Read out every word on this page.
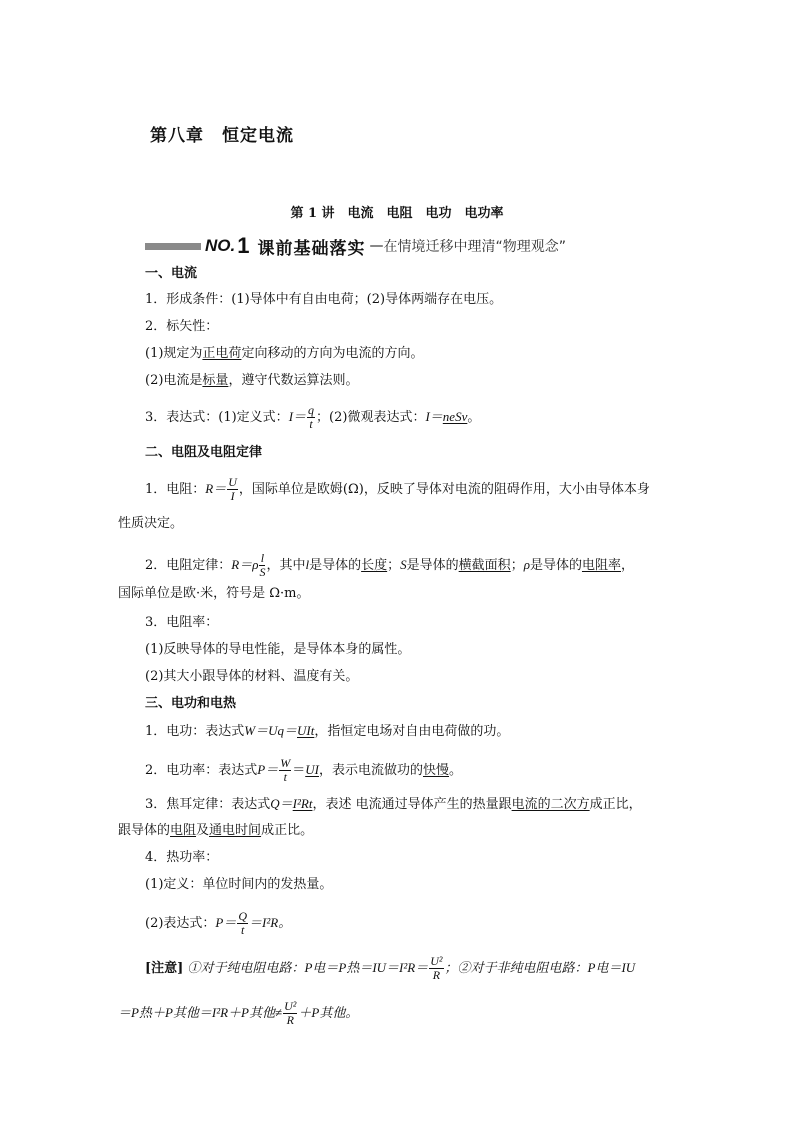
第八章　恒定电流
第 1 讲　电流　电阻　电功　电功率
NO. 1 课前基础落实 — 在情境迁移中理清“物理观念”
一、电流
1．形成条件：(1)导体中有自由电荷；(2)导体两端存在电压。
2．标矢性：
(1)规定为正电荷定向移动的方向为电流的方向。
(2)电流是标量，遵守代数运算法则。
3．表达式：(1)定义式：$I= \frac{q}{t}$ ；(2)微观表达式：I＝neSv。
二、电阻及电阻定律
1．电阻：$R= \frac{U}{I}$ ，国际单位是欧姆(Ω)，反映了导体对电流的阻碍作用，大小由导体本身
性质决定。
2．电阻定律：$R=\rho \frac{l}{S}$ ，其中l是导体的长度；S是导体的横截面积；ρ是导体的电阻率，
国际单位是欧·米，符号是 Ω·m。
3．电阻率：
(1)反映导体的导电性能，是导体本身的属性。
(2)其大小跟导体的材料、温度有关。
三、电功和电热
1．电功：表达式W＝Uq＝UIt，指恒定电场对自由电荷做的功。
2．电功率：表达式$P= \frac{W}{t} =UI$，表示电流做功的快慢。
3．焦耳定律：表达式Q＝I²Rt，表述 电流通过导体产生的热量跟电流的二次方成正比，
跟导体的电阻及通电时间成正比。
4．热功率：
(1)定义：单位时间内的发热量。
(2)表达式：$P= \frac{Q}{t} =I^2R$。
[注意] ①对于纯电阻电路：P电＝P热$=IU=I^2R= \frac{\text{U²}}{R}$ ；②对于非纯电阻电路：P电＝IU
＝P热＋P其他＝I²R＋P其他≠ $\frac{\text{U²}}{R} +P$其他。
